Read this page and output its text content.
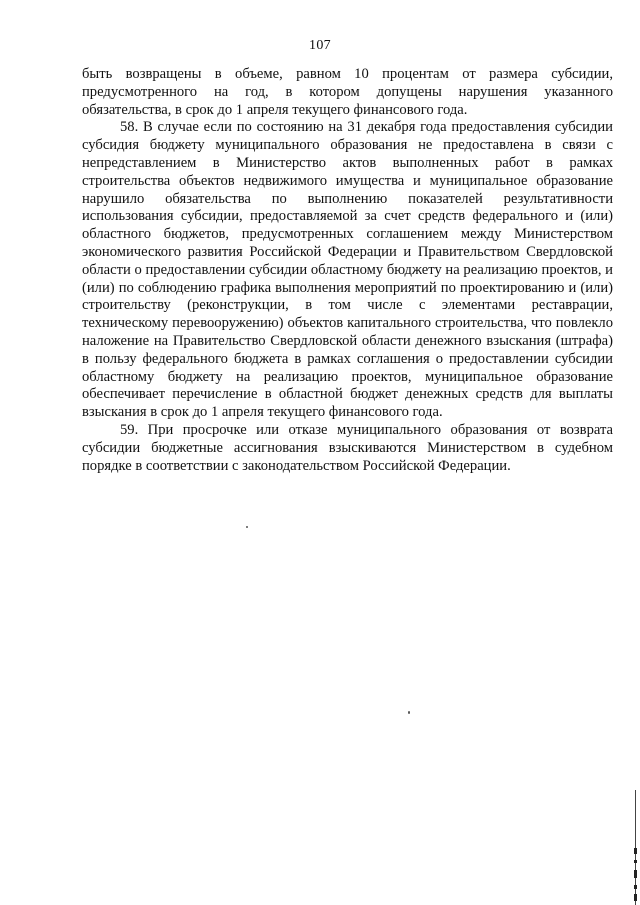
107

быть возвращены в объеме, равном 10 процентам от размера субсидии, предусмотренного на год, в котором допущены нарушения указанного обязательства, в срок до 1 апреля текущего финансового года.

58. В случае если по состоянию на 31 декабря года предоставления субсидии субсидия бюджету муниципального образования не предоставлена в связи с непредставлением в Министерство актов выполненных работ в рамках строительства объектов недвижимого имущества и муниципальное образование нарушило обязательства по выполнению показателей результативности использования субсидии, предоставляемой за счет средств федерального и (или) областного бюджетов, предусмотренных соглашением между Министерством экономического развития Российской Федерации и Правительством Свердловской области о предоставлении субсидии областному бюджету на реализацию проектов, и (или) по соблюдению графика выполнения мероприятий по проектированию и (или) строительству (реконструкции, в том числе с элементами реставрации, техническому перевооружению) объектов капитального строительства, что повлекло наложение на Правительство Свердловской области денежного взыскания (штрафа) в пользу федерального бюджета в рамках соглашения о предоставлении субсидии областному бюджету на реализацию проектов, муниципальное образование обеспечивает перечисление в областной бюджет денежных средств для выплаты взыскания в срок до 1 апреля текущего финансового года.

59. При просрочке или отказе муниципального образования от возврата субсидии бюджетные ассигнования взыскиваются Министерством в судебном порядке в соответствии с законодательством Российской Федерации.
